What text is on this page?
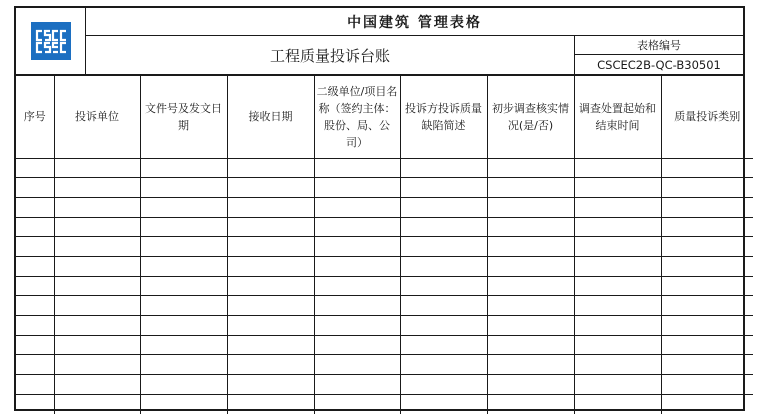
中国建筑 管理表格
工程质量投诉台账
表格编号
CSCEC2B-QC-B30501
序号	投诉单位	文件号及发文日期	接收日期	二级单位/项目名称（签约主体：股份、局、公司）	投诉方投诉质量缺陷简述	初步调查核实情况(是/否)	调查处置起始和结束时间	质量投诉类别
